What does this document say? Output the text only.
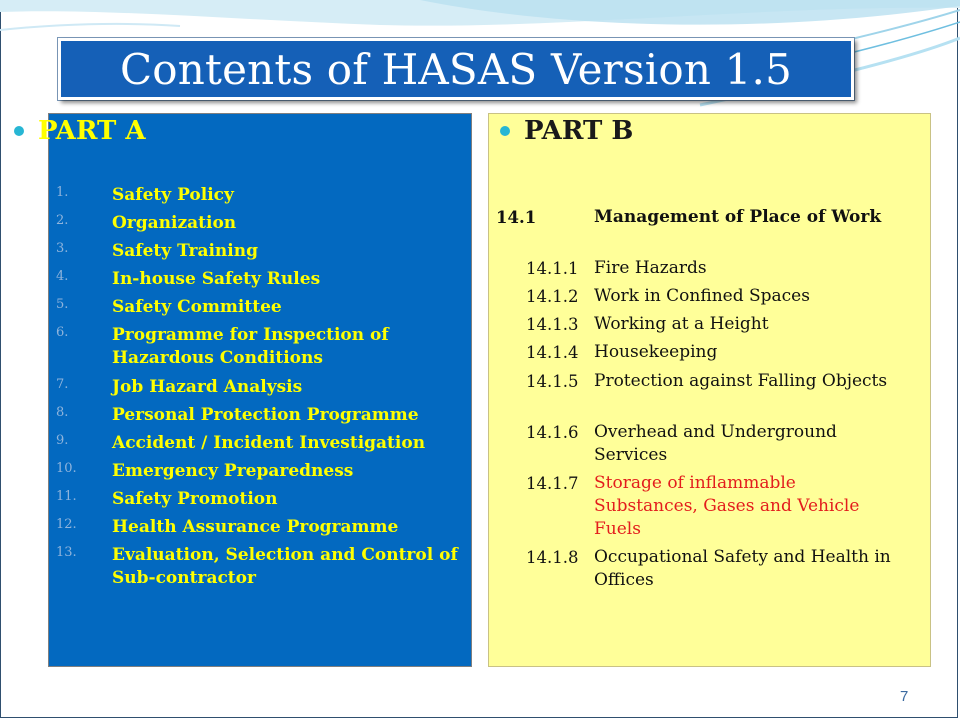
Contents of HASAS Version 1.5
PART A	PART B
1.	Safety Policy
2.	Organization
3.	Safety Training
4.	In-house Safety Rules
5.	Safety Committee
6.	Programme for Inspection of Hazardous Conditions
7.	Job Hazard Analysis
8.	Personal Protection Programme
9.	Accident / Incident Investigation
10. Emergency Preparedness
11. Safety Promotion
12. Health Assurance Programme
13. Evaluation, Selection and Control of Sub-contractor
14.1	Management of Place of Work
14.1.1 Fire Hazards
14.1.2 Work in Confined Spaces
14.1.3 Working at a Height
14.1.4 Housekeeping
14.1.5 Protection against Falling Objects
14.1.6 Overhead and Underground Services
14.1.7 Storage of inflammable Substances, Gases and Vehicle Fuels
14.1.8 Occupational Safety and Health in Offices
7
